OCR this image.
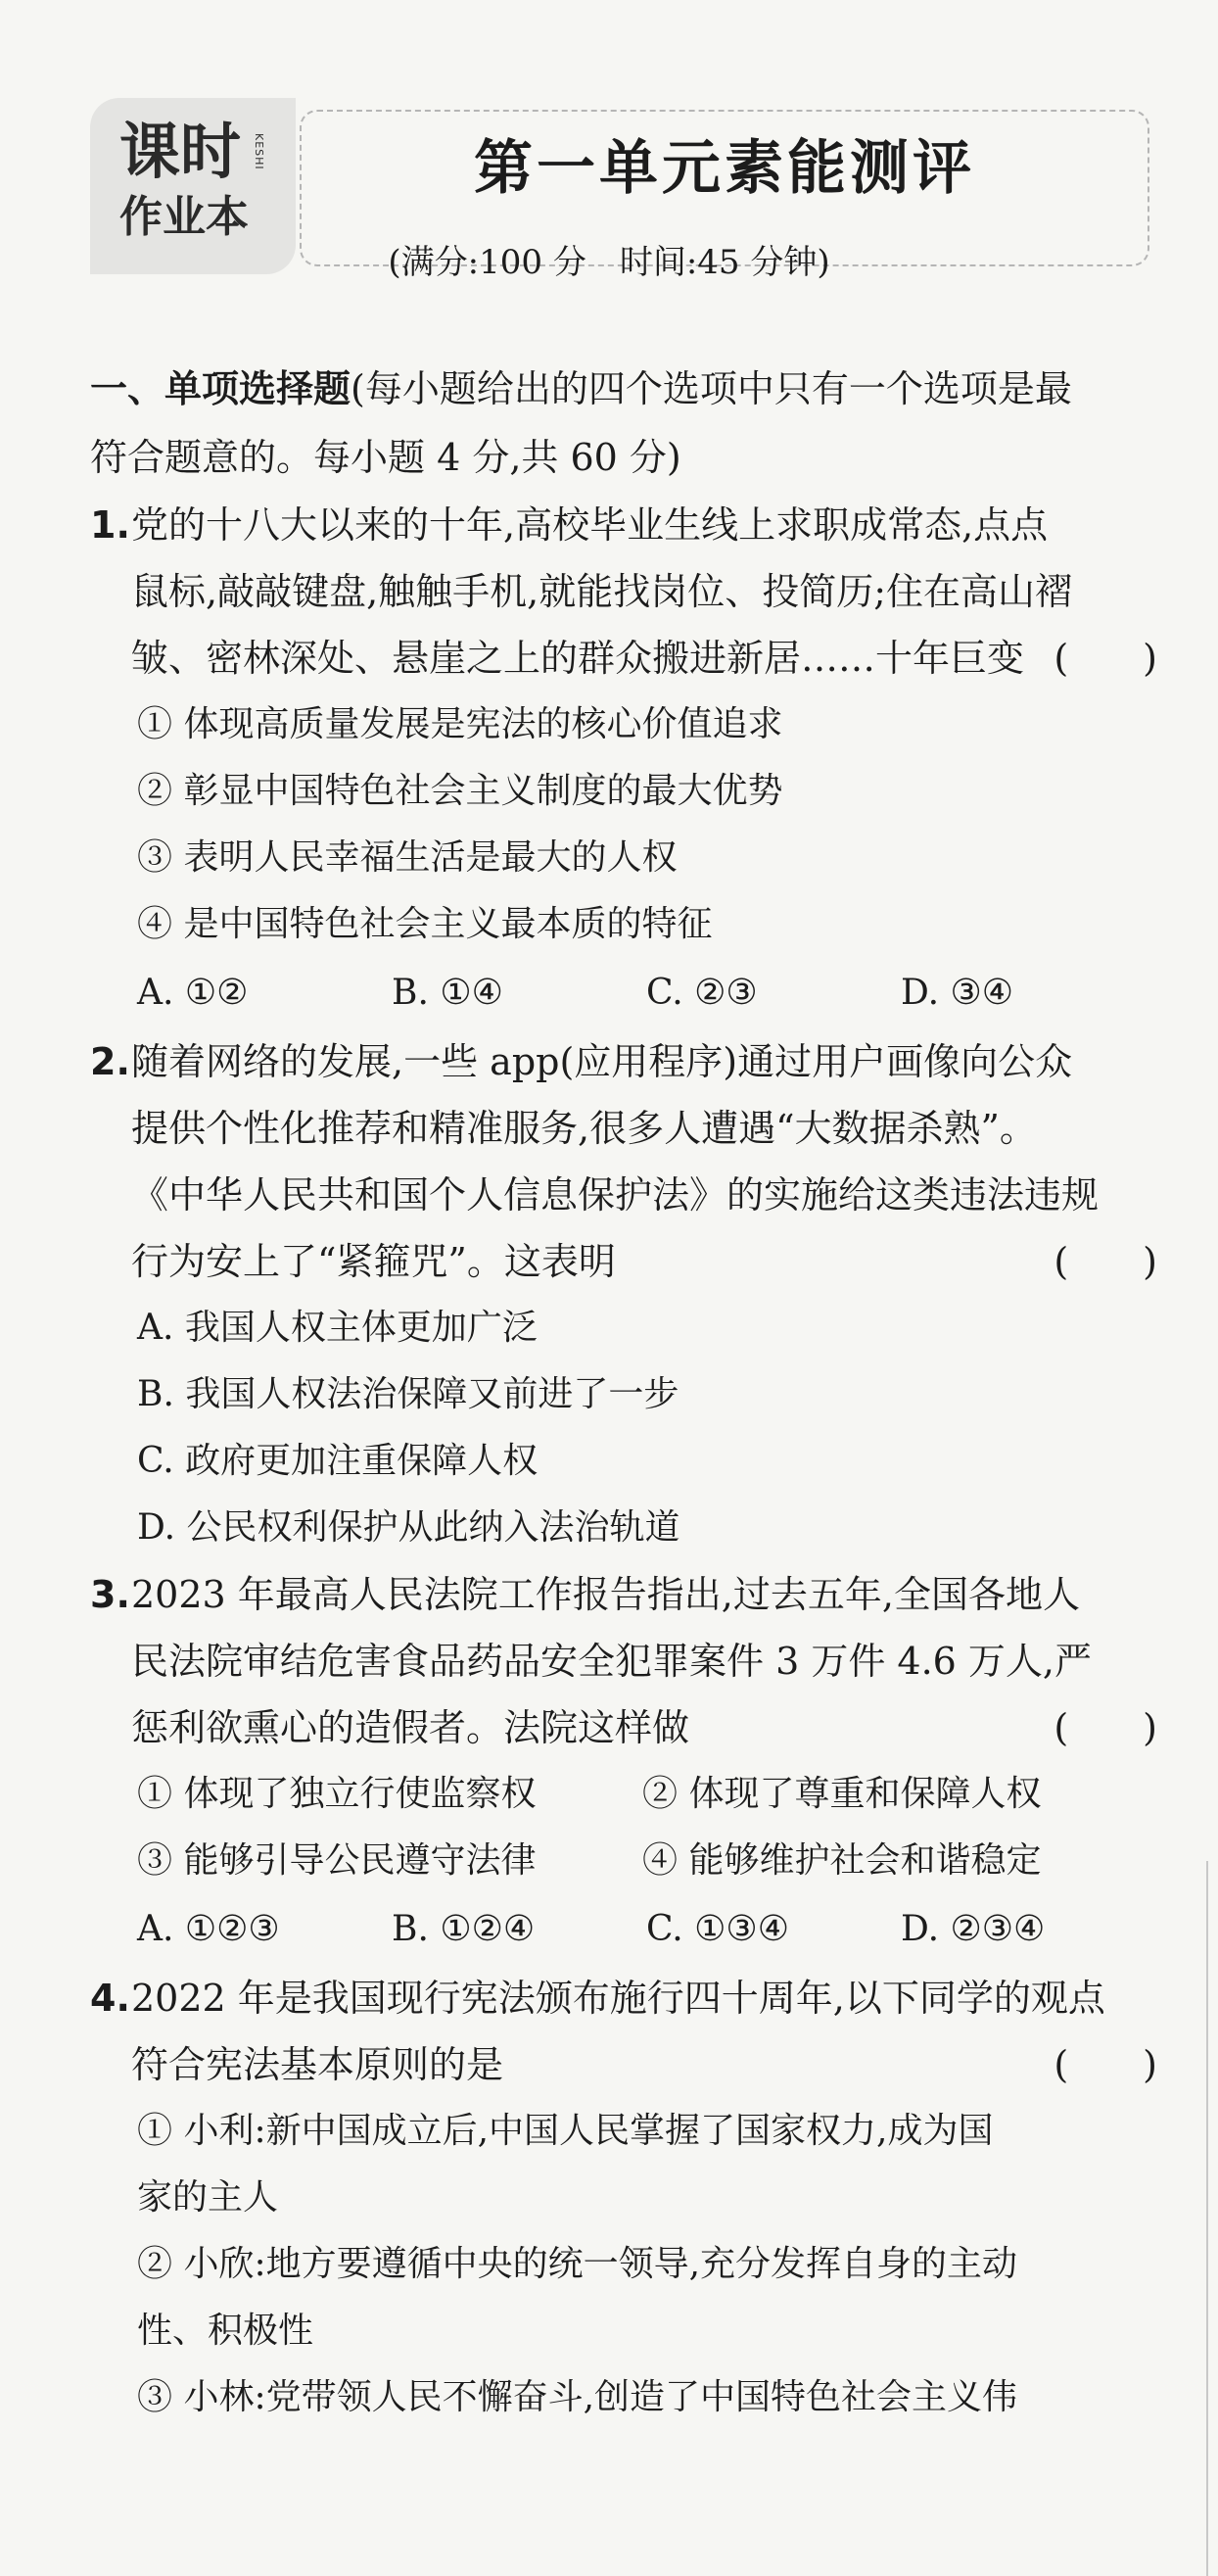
课时 KESHI
作业本
第一单元素能测评
(满分:100 分　时间:45 分钟)
一、单项选择题(每小题给出的四个选项中只有一个选项是最
符合题意的。每小题 4 分,共 60 分)
1. 党的十八大以来的十年,高校毕业生线上求职成常态,点点
鼠标,敲敲键盘,触触手机,就能找岗位、投简历;住在高山褶
皱、密林深处、悬崖之上的群众搬进新居……十年巨变 (　　)
① 体现高质量发展是宪法的核心价值追求
② 彰显中国特色社会主义制度的最大优势
③ 表明人民幸福生活是最大的人权
④ 是中国特色社会主义最本质的特征
A. ①②	B. ①④	C. ②③	D. ③④
2. 随着网络的发展,一些 app(应用程序)通过用户画像向公众
提供个性化推荐和精准服务,很多人遭遇“大数据杀熟”。
《中华人民共和国个人信息保护法》的实施给这类违法违规
行为安上了“紧箍咒”。这表明	(　　)
A. 我国人权主体更加广泛
B. 我国人权法治保障又前进了一步
C. 政府更加注重保障人权
D. 公民权利保护从此纳入法治轨道
3. 2023 年最高人民法院工作报告指出,过去五年,全国各地人
民法院审结危害食品药品安全犯罪案件 3 万件 4.6 万人,严
惩利欲熏心的造假者。法院这样做	(　　)
① 体现了独立行使监察权	② 体现了尊重和保障人权
③ 能够引导公民遵守法律	④ 能够维护社会和谐稳定
A. ①②③	B. ①②④	C. ①③④	D. ②③④
4. 2022 年是我国现行宪法颁布施行四十周年,以下同学的观点
符合宪法基本原则的是	(　　)
① 小利:新中国成立后,中国人民掌握了国家权力,成为国
家的主人
② 小欣:地方要遵循中央的统一领导,充分发挥自身的主动
性、积极性
③ 小林:党带领人民不懈奋斗,创造了中国特色社会主义伟
